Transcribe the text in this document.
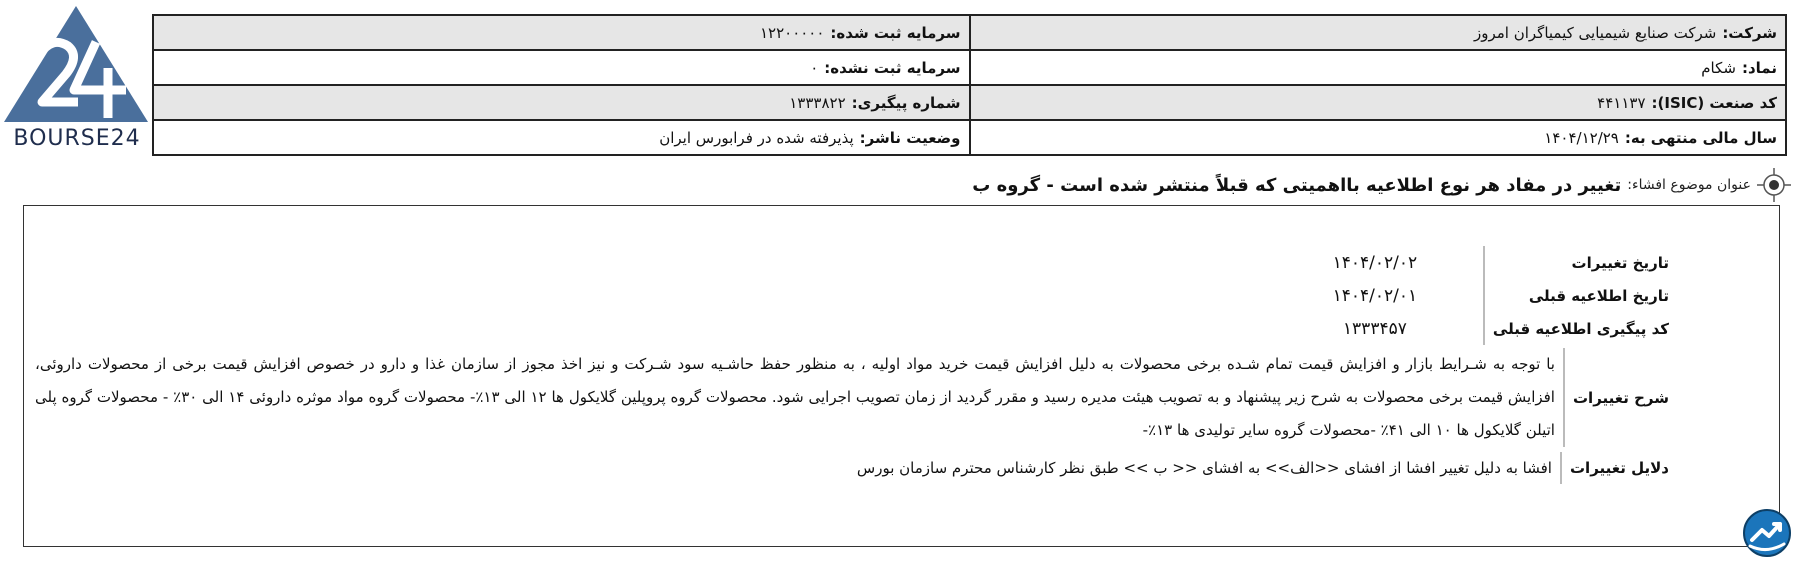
BOURSE24
شرکت:شرکت صنایع شیمیایی کیمیاگران امروز	سرمایه ثبت شده:۱۲۲۰۰۰۰۰
نماد:شکام	سرمایه ثبت نشده:۰
کد صنعت (ISIC):۴۴۱۱۳۷	شماره پیگیری:۱۳۳۳۸۲۲
سال مالی منتهی به:۱۴۰۴/۱۲/۲۹	وضعیت ناشر:پذیرفته شده در فرابورس ایران
عنوان موضوع افشاء:
تغییر در مفاد هر نوع اطلاعیه بااهمیتی که قبلاً منتشر شده است - گروه ب
تاریخ تغییرات	۱۴۰۴/۰۲/۰۲
تاریخ اطلاعیه قبلی	۱۴۰۴/۰۲/۰۱
کد پیگیری اطلاعیه قبلی	۱۳۳۳۴۵۷
شرح تغییرات	با توجه به شـرایط بازار و افزایش قیمت تمام شـده برخی محصولات به دلیل افزایش قیمت خرید مواد اولیه ، به منظور حفظ حاشـیه سود شـرکت و نیز اخذ مجوز از سازمان غذا و دارو در خصوص افزایش قیمت برخی از محصولات داروئی، افزایش قیمت برخی محصولات به شرح زیر پیشنهاد و به تصویب هیئت مدیره رسید و مقرر گردید از زمان تصویب اجرایی شود. محصولات گروه پروپلین گلایکول ها ۱۲ الی ۱۳٪- محصولات گروه مواد موثره داروئی ۱۴ الی ۳۰٪ - محصولات گروه پلی اتیلن گلایکول ها ۱۰ الی ۴۱٪ -محصولات گروه سایر تولیدی ها ۱۳٪-
دلایل تغییرات	افشا به دلیل تغییر افشا از افشای <<الف>> به افشای << ب >> طبق نظر کارشناس محترم سازمان بورس
